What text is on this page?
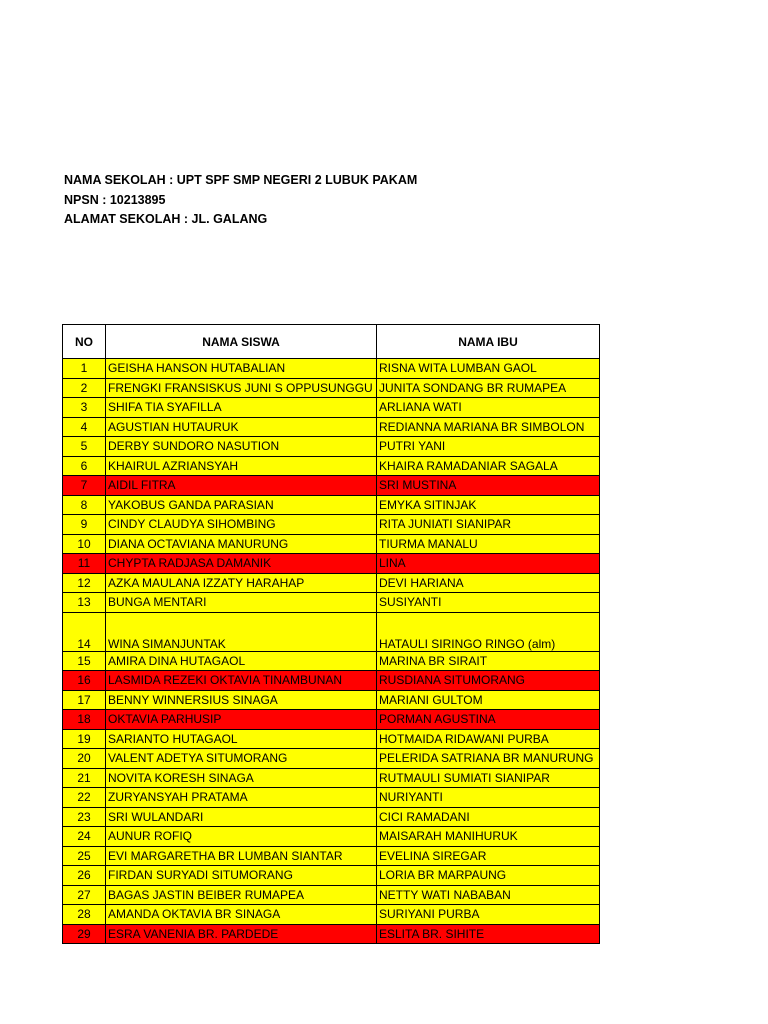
NAMA SEKOLAH : UPT SPF SMP NEGERI 2 LUBUK PAKAM
NPSN : 10213895
ALAMAT SEKOLAH : JL. GALANG
NO	NAMA SISWA	NAMA IBU
1	GEISHA HANSON HUTABALIAN	RISNA WITA LUMBAN GAOL
2	FRENGKI FRANSISKUS JUNI S OPPUSUNGGU	JUNITA SONDANG BR RUMAPEA
3	SHIFA TIA SYAFILLA	ARLIANA WATI
4	AGUSTIAN HUTAURUK	REDIANNA MARIANA BR SIMBOLON
5	DERBY SUNDORO NASUTION	PUTRI YANI
6	KHAIRUL AZRIANSYAH	KHAIRA RAMADANIAR SAGALA
7	AIDIL FITRA	SRI MUSTINA
8	YAKOBUS GANDA PARASIAN	EMYKA SITINJAK
9	CINDY CLAUDYA SIHOMBING	RITA JUNIATI SIANIPAR
10	DIANA OCTAVIANA MANURUNG	TIURMA MANALU
11	CHYPTA RADJASA DAMANIK	LINA
12	AZKA MAULANA IZZATY HARAHAP	DEVI HARIANA
13	BUNGA MENTARI	SUSIYANTI
14	WINA SIMANJUNTAK	HATAULI SIRINGO RINGO (alm)
15	AMIRA DINA HUTAGAOL	MARINA BR SIRAIT
16	LASMIDA REZEKI OKTAVIA TINAMBUNAN	RUSDIANA SITUMORANG
17	BENNY WINNERSIUS SINAGA	MARIANI GULTOM
18	OKTAVIA PARHUSIP	PORMAN AGUSTINA
19	SARIANTO HUTAGAOL	HOTMAIDA RIDAWANI PURBA
20	VALENT ADETYA SITUMORANG	PELERIDA SATRIANA BR MANURUNG
21	NOVITA KORESH SINAGA	RUTMAULI SUMIATI SIANIPAR
22	ZURYANSYAH PRATAMA	NURIYANTI
23	SRI WULANDARI	CICI RAMADANI
24	AUNUR ROFIQ	MAISARAH MANIHURUK
25	EVI MARGARETHA BR LUMBAN SIANTAR	EVELINA SIREGAR
26	FIRDAN SURYADI SITUMORANG	LORIA BR MARPAUNG
27	BAGAS JASTIN BEIBER RUMAPEA	NETTY WATI NABABAN
28	AMANDA OKTAVIA BR SINAGA	SURIYANI PURBA
29	ESRA VANENIA BR. PARDEDE	ESLITA BR. SIHITE
